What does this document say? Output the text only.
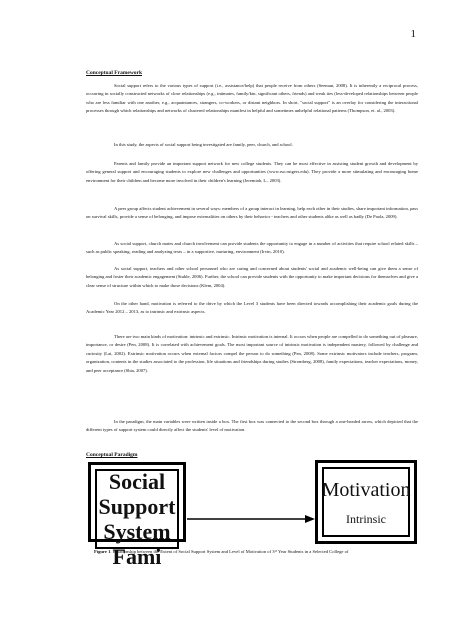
1
Conceptual Framework

Social support refers to the various types of support (i.e., assistance/help) that people receive from others (Seeman, 2008). It is inherently a reciprocal process, occurring in socially constructed networks of close relationships (e.g., intimates, family/kin, significant others, friends) and weak ties (less-developed relationships between people who are less familiar with one another, e.g., acquaintances, strangers, co-workers, or distant neighbors. In short, "social support" is an overlay for considering the interactional processes through which relationships and networks of clustered relationships manifest in helpful and sometimes unhelpful relational patterns (Thompson, et. al., 2003).

In this study, the aspects of social support being investigated are family, peer, church, and school.

Parents and family provide an important support network for new college students. They can be most effective in assisting student growth and development by offering general support and encouraging students to explore new challenges and opportunities (www.rso.rutgers.edu). They provide a more stimulating and encouraging home environment for their children and become more involved in their children's learning (Jeremiah, L., 2003).

A peer group affects student achievement in several ways: members of a group interact in learning, help each other in their studies, share important information, pass on survival skills, provide a sense of belonging, and impose externalities on others by their behavior - teachers and other students alike as well as badly (De Paola, 2009).

As social support, church mates and church involvement can provide students the opportunity to engage in a number of activities that require school related skills – such as public speaking, reading and analyzing texts – in a supportive, nurturing, environment (Irvin, 2010).

As social support, teachers and other school personnel who are caring and concerned about students' social and academic well-being can give them a sense of belonging and foster their academic engagement (Stuble, 2006). Further, the school can provide students with the opportunity to make important decisions for themselves and give a clear sense of structure within which to make those decisions (Klem, 2004).

On the other hand, motivation is referred to the drive by which the Level 3 students have been directed towards accomplishing their academic goals during the Academic Year 2012 – 2013, as to intrinsic and extrinsic aspects.

There are two main kinds of motivation: intrinsic and extrinsic. Intrinsic motivation is internal. It occurs when people are compelled to do something out of pleasure, importance, or desire (Pen, 2008). It is correlated with achievement goals. The most important source of intrinsic motivation is independent mastery, followed by challenge and curiosity (Lai, 2002). Extrinsic motivation occurs when external factors compel the person to do something (Pen, 2008). Some extrinsic motivators include teachers, program, organization, contents in the studies associated to the profession, life situations and friendships during studies (Stromberg, 2008), family expectations, teacher expectations, money, and peer acceptance (Shia, 2007).

In the paradigm, the main variables were written inside a box. The first box was connected to the second box through a one-headed arrow, which depicted that the different types of support system could directly affect the students' level of motivation.

Conceptual Paradigm
Social
Support
System
Fami
Motivation
Intrinsic
Figure 1. Relationship between the Extent of Social Support System and Level of Motivation of 3ʳᵈ Year Students in a Selected College of
